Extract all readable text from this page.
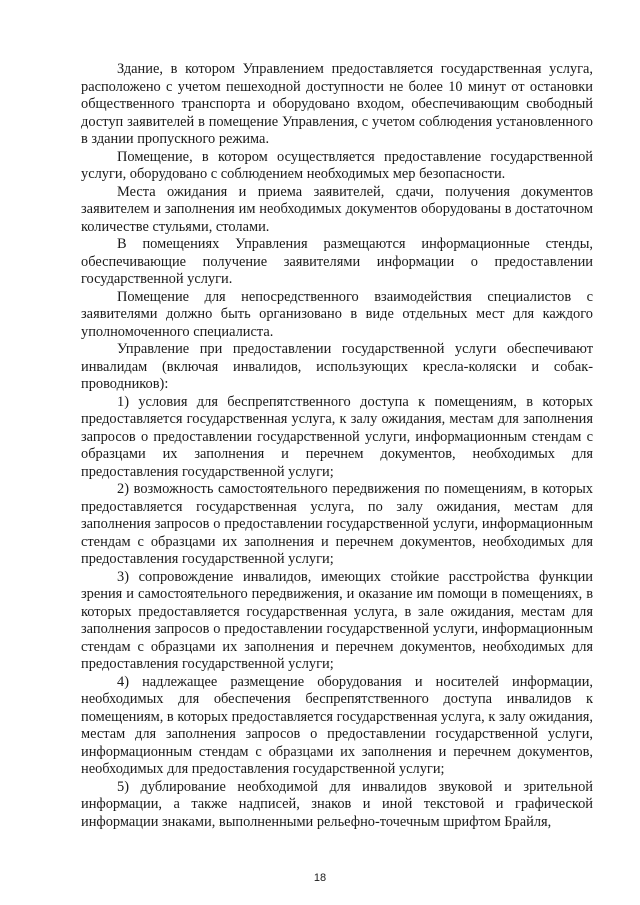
Здание, в котором Управлением предоставляется государственная услуга, расположено с учетом пешеходной доступности не более 10 минут от остановки общественного транспорта и оборудовано входом, обеспечивающим свободный доступ заявителей в помещение Управления, с учетом соблюдения установленного в здании пропускного режима.

Помещение, в котором осуществляется предоставление государственной услуги, оборудовано с соблюдением необходимых мер безопасности.

Места ожидания и приема заявителей, сдачи, получения документов заявителем и заполнения им необходимых документов оборудованы в достаточном количестве стульями, столами.

В помещениях Управления размещаются информационные стенды, обеспечивающие получение заявителями информации о предоставлении государственной услуги.

Помещение для непосредственного взаимодействия специалистов с заявителями должно быть организовано в виде отдельных мест для каждого уполномоченного специалиста.

Управление при предоставлении государственной услуги обеспечивают инвалидам (включая инвалидов, использующих кресла-коляски и собак-проводников):

1) условия для беспрепятственного доступа к помещениям, в которых предоставляется государственная услуга, к залу ожидания, местам для заполнения запросов о предоставлении государственной услуги, информационным стендам с образцами их заполнения и перечнем документов, необходимых для предоставления государственной услуги;

2) возможность самостоятельного передвижения по помещениям, в которых предоставляется государственная услуга, по залу ожидания, местам для заполнения запросов о предоставлении государственной услуги, информационным стендам с образцами их заполнения и перечнем документов, необходимых для предоставления государственной услуги;

3) сопровождение инвалидов, имеющих стойкие расстройства функции зрения и самостоятельного передвижения, и оказание им помощи в помещениях, в которых предоставляется государственная услуга, в зале ожидания, местам для заполнения запросов о предоставлении государственной услуги, информационным стендам с образцами их заполнения и перечнем документов, необходимых для предоставления государственной услуги;

4) надлежащее размещение оборудования и носителей информации, необходимых для обеспечения беспрепятственного доступа инвалидов к помещениям, в которых предоставляется государственная услуга, к залу ожидания, местам для заполнения запросов о предоставлении государственной услуги, информационным стендам с образцами их заполнения и перечнем документов, необходимых для предоставления государственной услуги;

5) дублирование необходимой для инвалидов звуковой и зрительной информации, а также надписей, знаков и иной текстовой и графической информации знаками, выполненными рельефно-точечным шрифтом Брайля,

18
